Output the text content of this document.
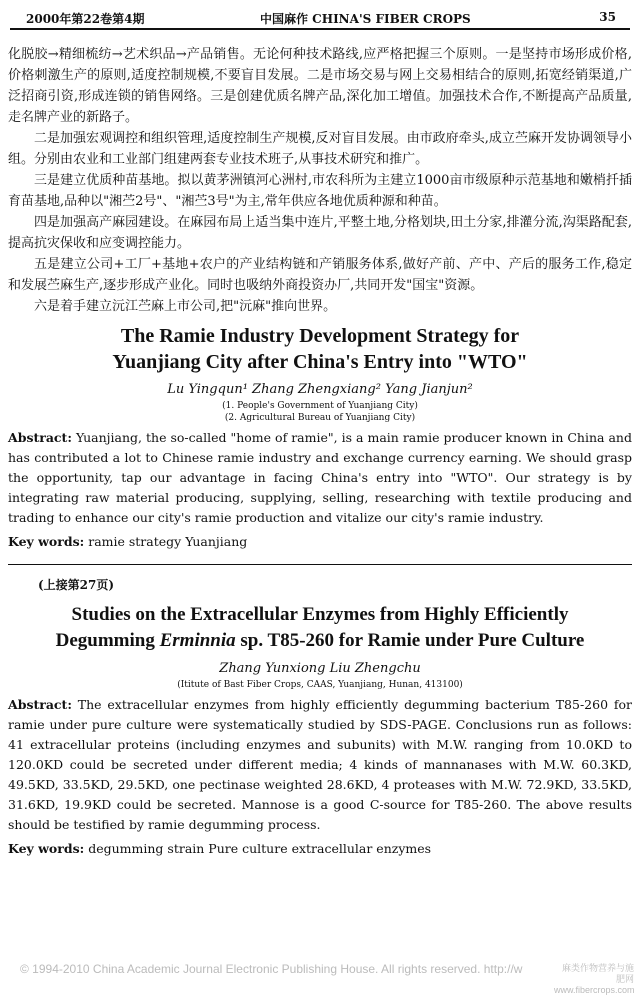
2000年第22卷第4期	中国麻作 CHINA'S FIBER CROPS	35

化脱胶→精细梳纺→艺术织品→产品销售。无论何种技术路线,应严格把握三个原则。一是坚持市场形成价格,价格刺激生产的原则,适度控制规模,不要盲目发展。二是市场交易与网上交易相结合的原则,拓宽经销渠道,广泛招商引资,形成连锁的销售网络。三是创建优质名牌产品,深化加工增值。加强技术合作,不断提高产品质量,走名牌产业的新路子。

二是加强宏观调控和组织管理,适度控制生产规模,反对盲目发展。由市政府牵头,成立苎麻开发协调领导小组。分别由农业和工业部门组建两套专业技术班子,从事技术研究和推广。

三是建立优质种苗基地。拟以黄茅洲镇河心洲村,市农科所为主建立1000亩市级原种示范基地和嫩梢扦插育苗基地,品种以"湘苎2号"、"湘苎3号"为主,常年供应各地优质种源和种苗。

四是加强高产麻园建设。在麻园布局上适当集中连片,平整土地,分格划块,田土分家,排灌分流,沟渠路配套,提高抗灾保收和应变调控能力。

五是建立公司+工厂+基地+农户的产业结构链和产销服务体系,做好产前、产中、产后的服务工作,稳定和发展苎麻生产,逐步形成产业化。同时也吸纳外商投资办厂,共同开发"国宝"资源。

六是着手建立沅江苎麻上市公司,把"沅麻"推向世界。

The Ramie Industry Development Strategy for
Yuanjiang City after China's Entry into "WTO"
Lu Yingqun¹ Zhang Zhengxiang² Yang Jianjun²
(1. People's Government of Yuanjiang City)
(2. Agricultural Bureau of Yuanjiang City)
Abstract: Yuanjiang, the so-called "home of ramie", is a main ramie producer known in China and has contributed a lot to Chinese ramie industry and exchange currency earning. We should grasp the opportunity, tap our advantage in facing China's entry into "WTO". Our strategy is by integrating raw material producing, supplying, selling, researching with textile producing and trading to enhance our city's ramie production and vitalize our city's ramie industry.
Key words: ramie strategy Yuanjiang
(上接第27页)
Studies on the Extracellular Enzymes from Highly Efficiently
Degumming Erminnia sp. T85-260 for Ramie under Pure Culture
Zhang Yunxiong Liu Zhengchu
(Ititute of Bast Fiber Crops, CAAS, Yuanjiang, Hunan, 413100)
Abstract: The extracellular enzymes from highly efficiently degumming bacterium T85-260 for ramie under pure culture were systematically studied by SDS-PAGE. Conclusions run as follows: 41 extracellular proteins (including enzymes and subunits) with M.W. ranging from 10.0KD to 120.0KD could be secreted under different media; 4 kinds of mannanases with M.W. 60.3KD, 49.5KD, 33.5KD, 29.5KD, one pectinase weighted 28.6KD, 4 proteases with M.W. 72.9KD, 33.5KD, 31.6KD, 19.9KD could be secreted. Mannose is a good C-source for T85-260. The above results should be testified by ramie degumming process.
Key words: degumming strain Pure culture extracellular enzymes
© 1994-2010 China Academic Journal Electronic Publishing House. All rights reserved. http://w	麻类作物营养与施肥网
www.fibercrops.com
